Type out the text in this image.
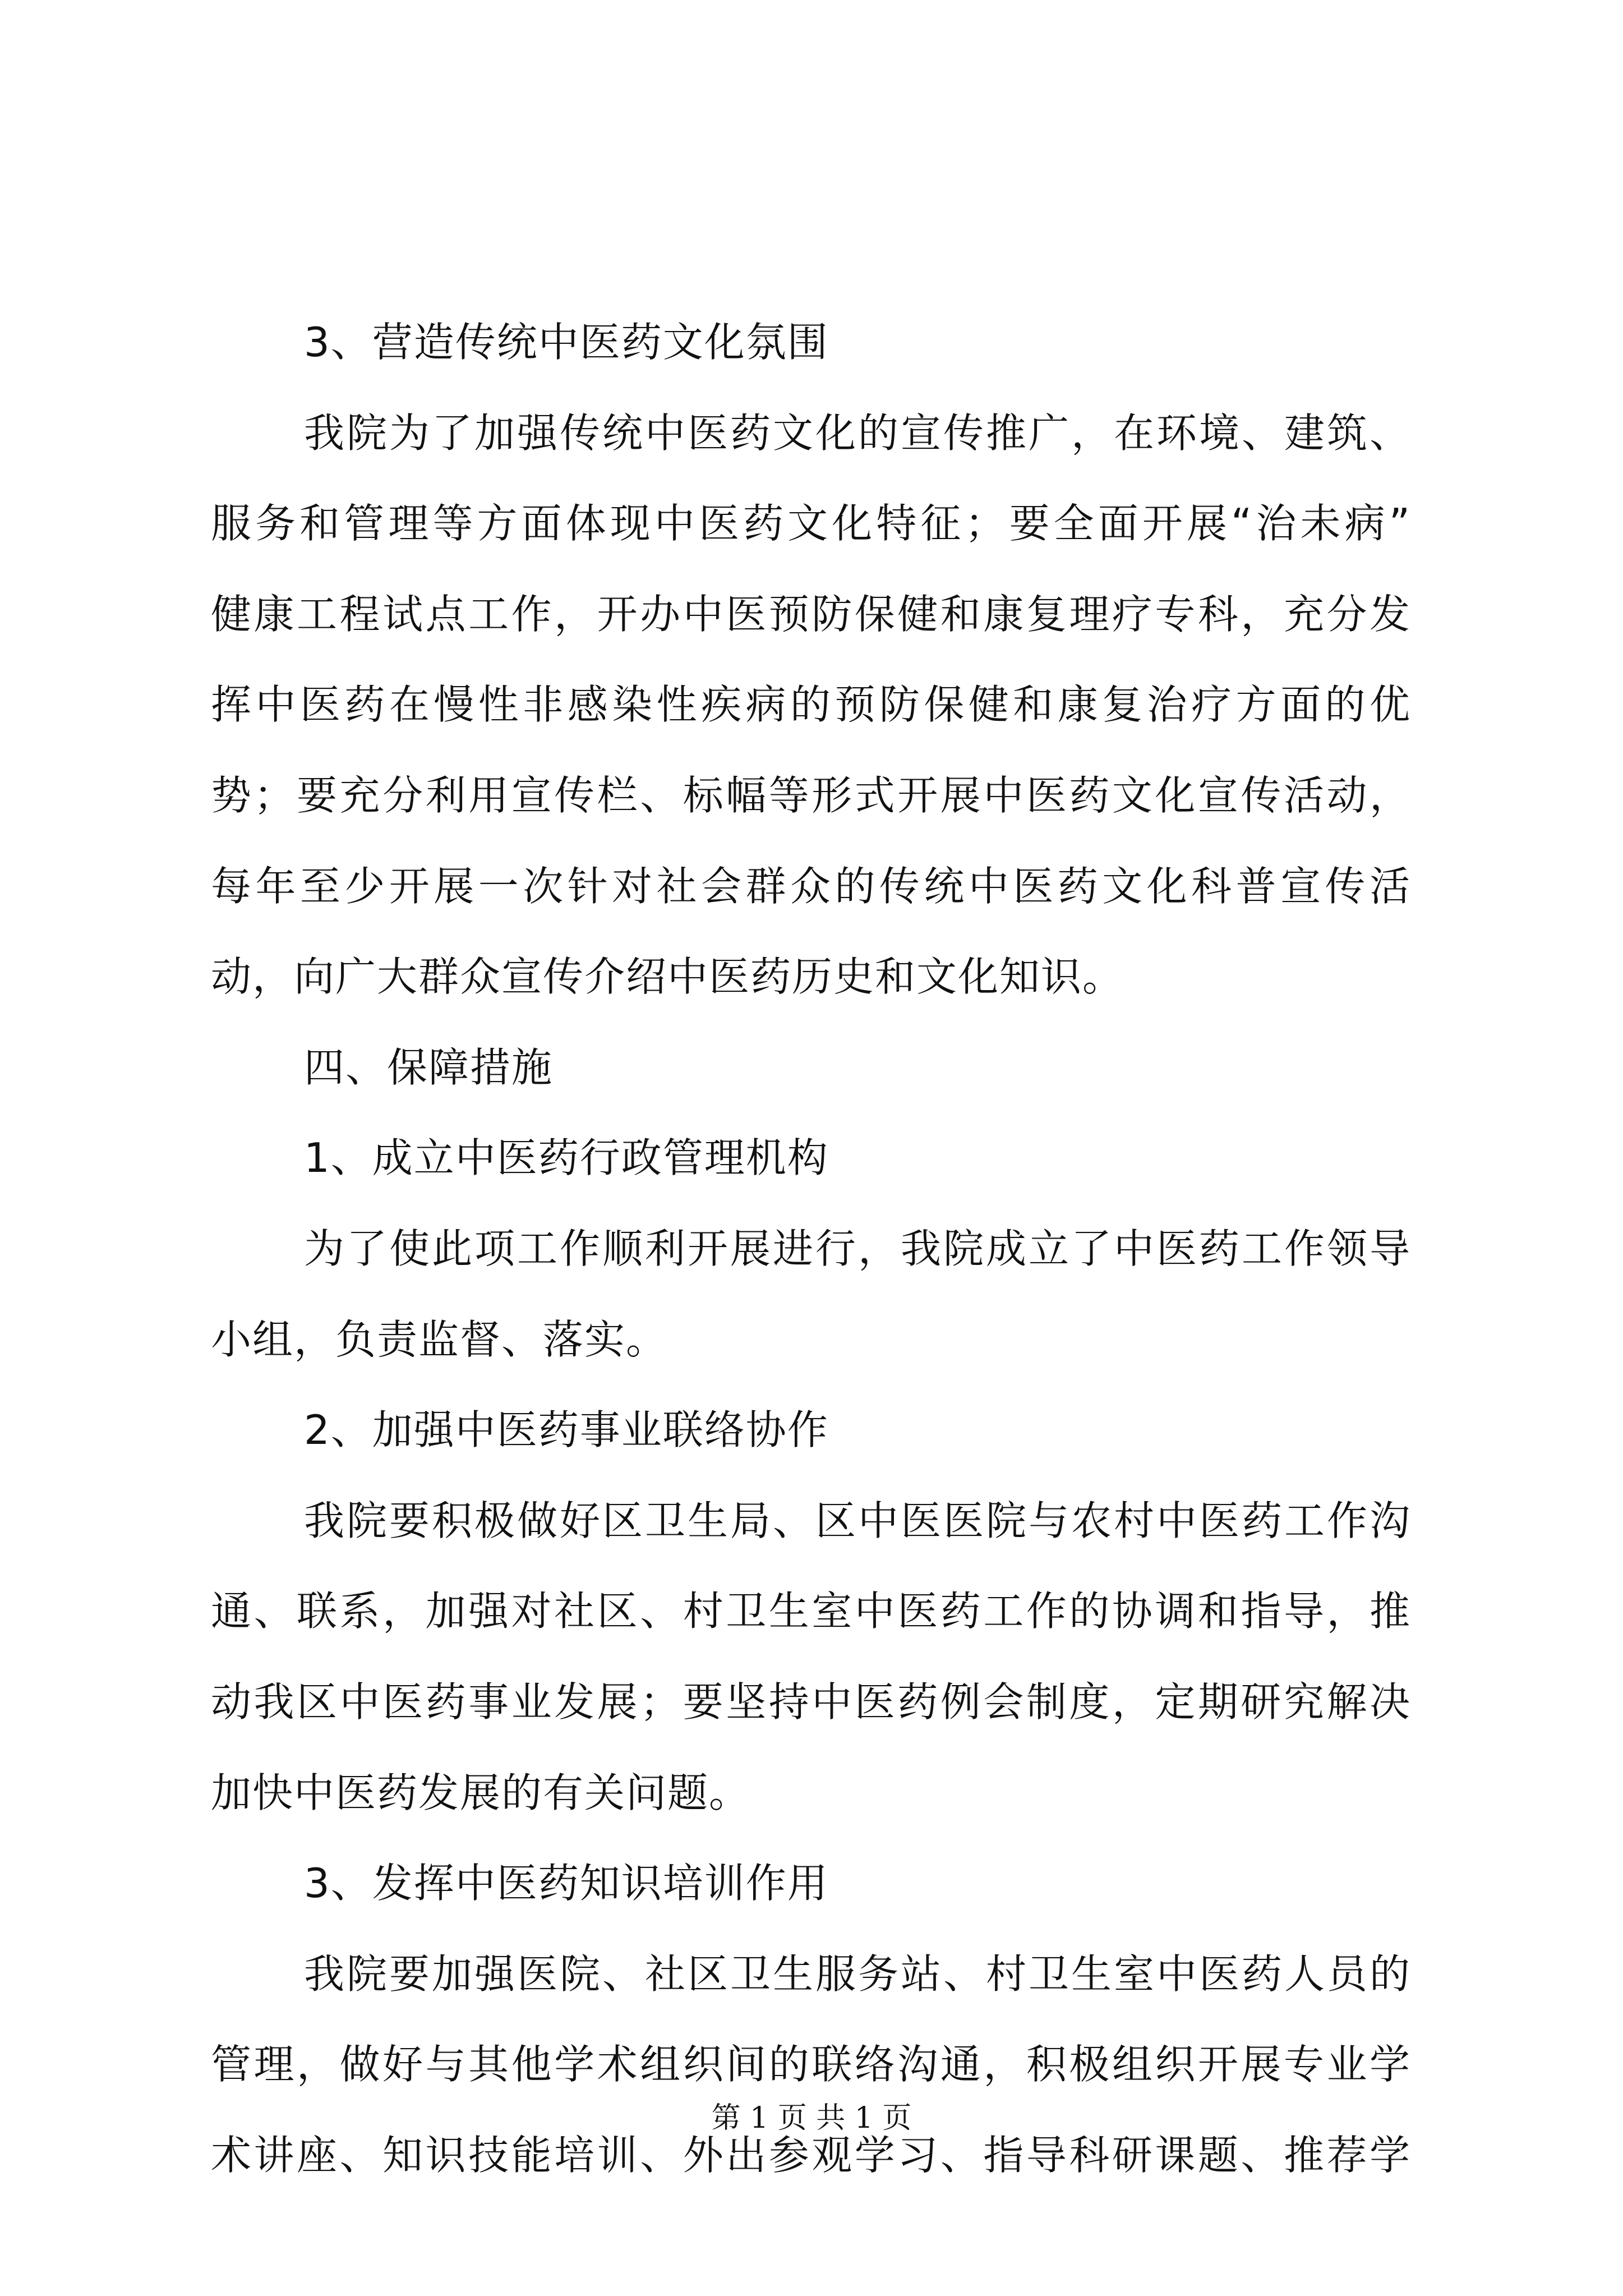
3、营造传统中医药文化氛围
我院为了加强传统中医药文化的宣传推广，在环境、建筑、
服务和管理等方面体现中医药文化特征；要全面开展“治未病”
健康工程试点工作，开办中医预防保健和康复理疗专科，充分发
挥中医药在慢性非感染性疾病的预防保健和康复治疗方面的优
势；要充分利用宣传栏、标幅等形式开展中医药文化宣传活动，
每年至少开展一次针对社会群众的传统中医药文化科普宣传活
动，向广大群众宣传介绍中医药历史和文化知识。
四、保障措施
1、成立中医药行政管理机构
为了使此项工作顺利开展进行，我院成立了中医药工作领导
小组，负责监督、落实。
2、加强中医药事业联络协作
我院要积极做好区卫生局、区中医医院与农村中医药工作沟
通、联系，加强对社区、村卫生室中医药工作的协调和指导，推
动我区中医药事业发展；要坚持中医药例会制度，定期研究解决
加快中医药发展的有关问题。
3、发挥中医药知识培训作用
我院要加强医院、社区卫生服务站、村卫生室中医药人员的
管理，做好与其他学术组织间的联络沟通，积极组织开展专业学
术讲座、知识技能培训、外出参观学习、指导科研课题、推荐学
第 1 页 共 1 页
